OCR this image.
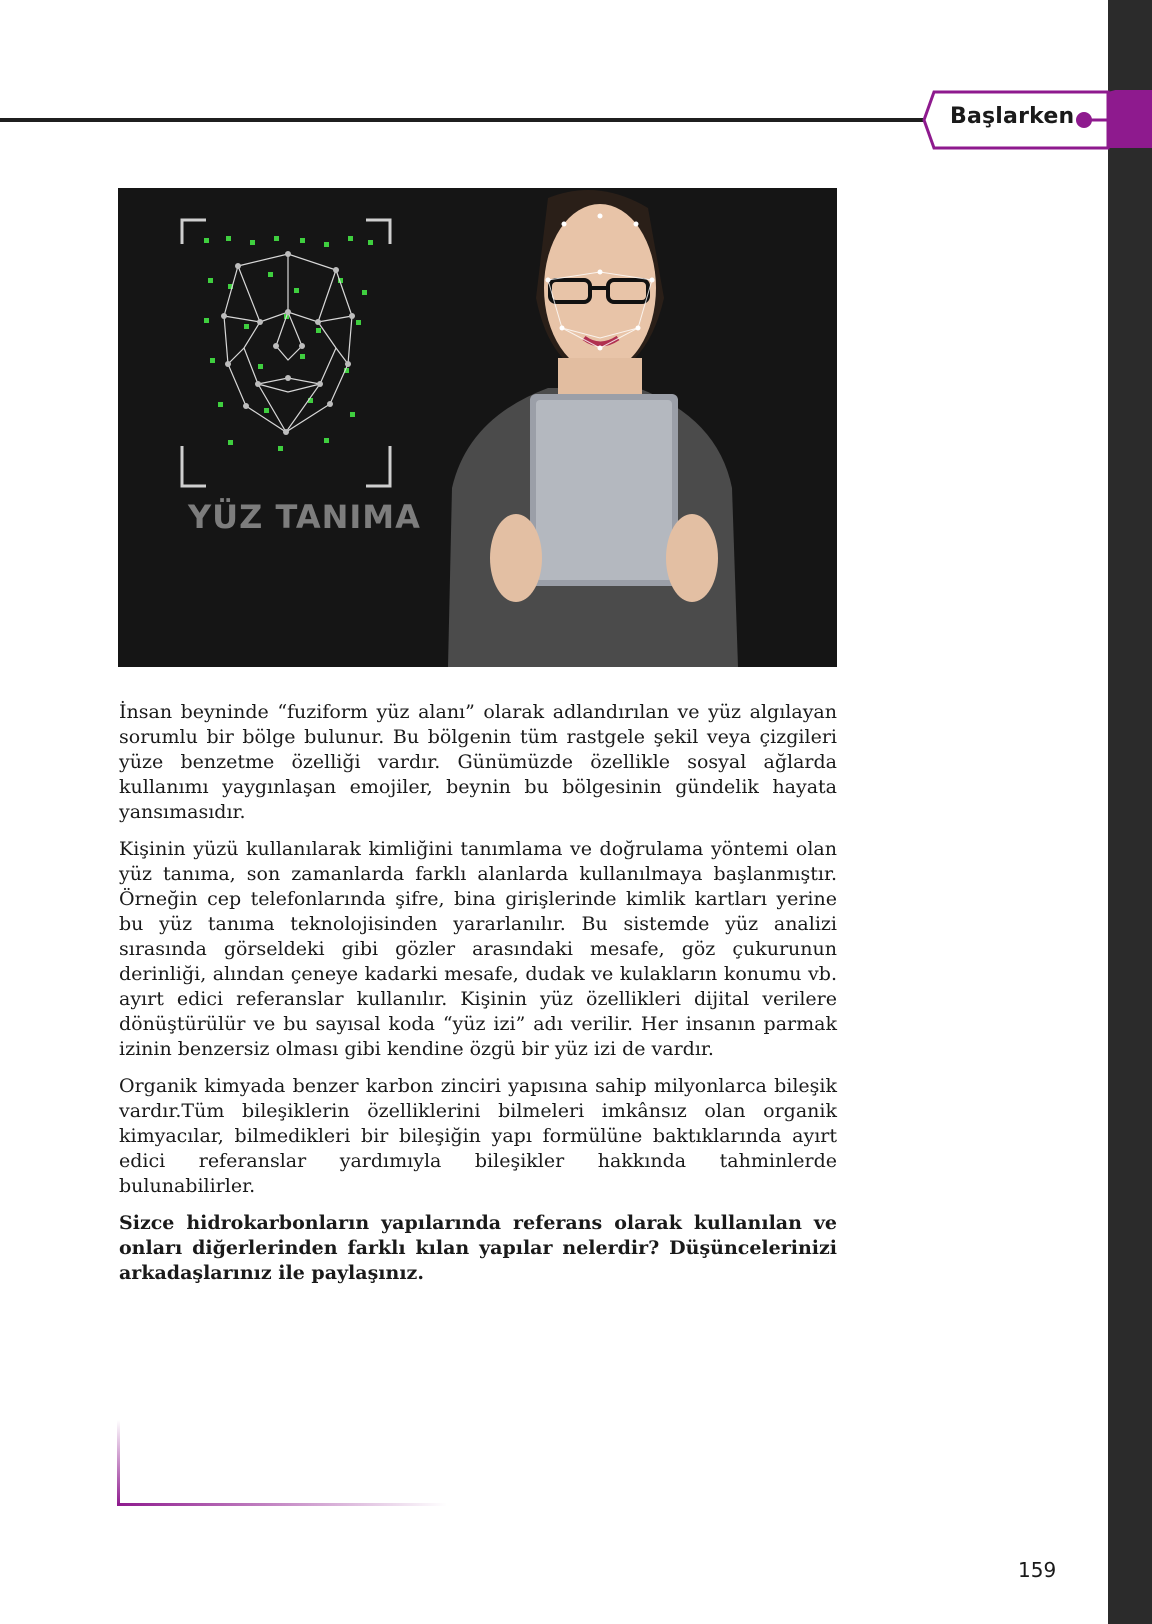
Başlarken
YÜZ TANIMA

İnsan beyninde “fuziform yüz alanı” olarak adlandırılan ve yüz algılayan sorumlu bir bölge bulunur. Bu bölgenin tüm rastgele şekil veya çizgileri yüze benzetme özelliği vardır. Günümüzde özellikle sosyal ağlarda kullanımı yaygınlaşan emojiler, beynin bu bölgesinin gündelik hayata yansımasıdır.

Kişinin yüzü kullanılarak kimliğini tanımlama ve doğrulama yöntemi olan yüz tanıma, son zamanlarda farklı alanlarda kullanılmaya başlanmıştır. Örneğin cep telefonlarında şifre, bina girişlerinde kimlik kartları yerine bu yüz tanıma teknolojisinden yararlanılır. Bu sistemde yüz analizi sırasında görseldeki gibi gözler arasındaki mesafe, göz çukurunun derinliği, alından çeneye kadarki mesafe, dudak ve kulakların konumu vb. ayırt edici referanslar kullanılır. Kişinin yüz özellikleri dijital verilere dönüştürülür ve bu sayısal koda “yüz izi” adı verilir. Her insanın parmak izinin benzersiz olması gibi kendine özgü bir yüz izi de vardır.

Organik kimyada benzer karbon zinciri yapısına sahip milyonlarca bileşik vardır.Tüm bileşiklerin özelliklerini bilmeleri imkânsız olan organik kimyacılar, bilmedikleri bir bileşiğin yapı formülüne baktıklarında ayırt edici referanslar yardımıyla bileşikler hakkında tahminlerde bulunabilirler.

Sizce hidrokarbonların yapılarında referans olarak kullanılan ve onları diğerlerinden farklı kılan yapılar nelerdir? Düşüncelerinizi arkadaşlarınız ile paylaşınız.

159
